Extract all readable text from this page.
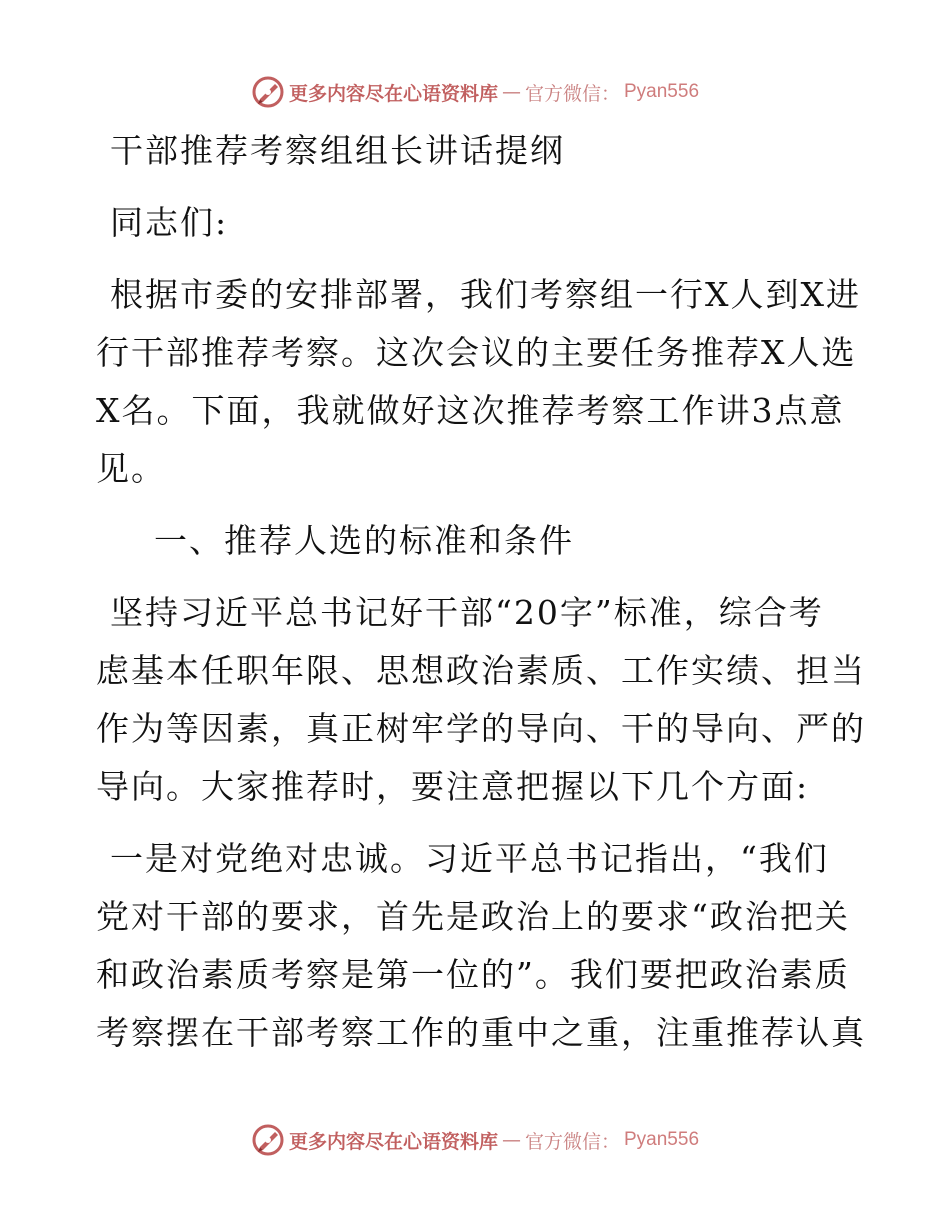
更多内容尽在心语资料库 — 官方微信： Pyan556
干部推荐考察组组长讲话提纲
同志们:
根据市委的安排部署，我们考察组一行X人到X进
行干部推荐考察。这次会议的主要任务推荐X人选
X名。下面，我就做好这次推荐考察工作讲3点意
见。
一、推荐人选的标准和条件
坚持习近平总书记好干部“20字”标准，综合考
虑基本任职年限、思想政治素质、工作实绩、担当
作为等因素，真正树牢学的导向、干的导向、严的
导向。大家推荐时，要注意把握以下几个方面:
一是对党绝对忠诚。习近平总书记指出，“我们
党对干部的要求，首先是政治上的要求“政治把关
和政治素质考察是第一位的”。我们要把政治素质
考察摆在干部考察工作的重中之重，注重推荐认真
更多内容尽在心语资料库 — 官方微信： Pyan556
